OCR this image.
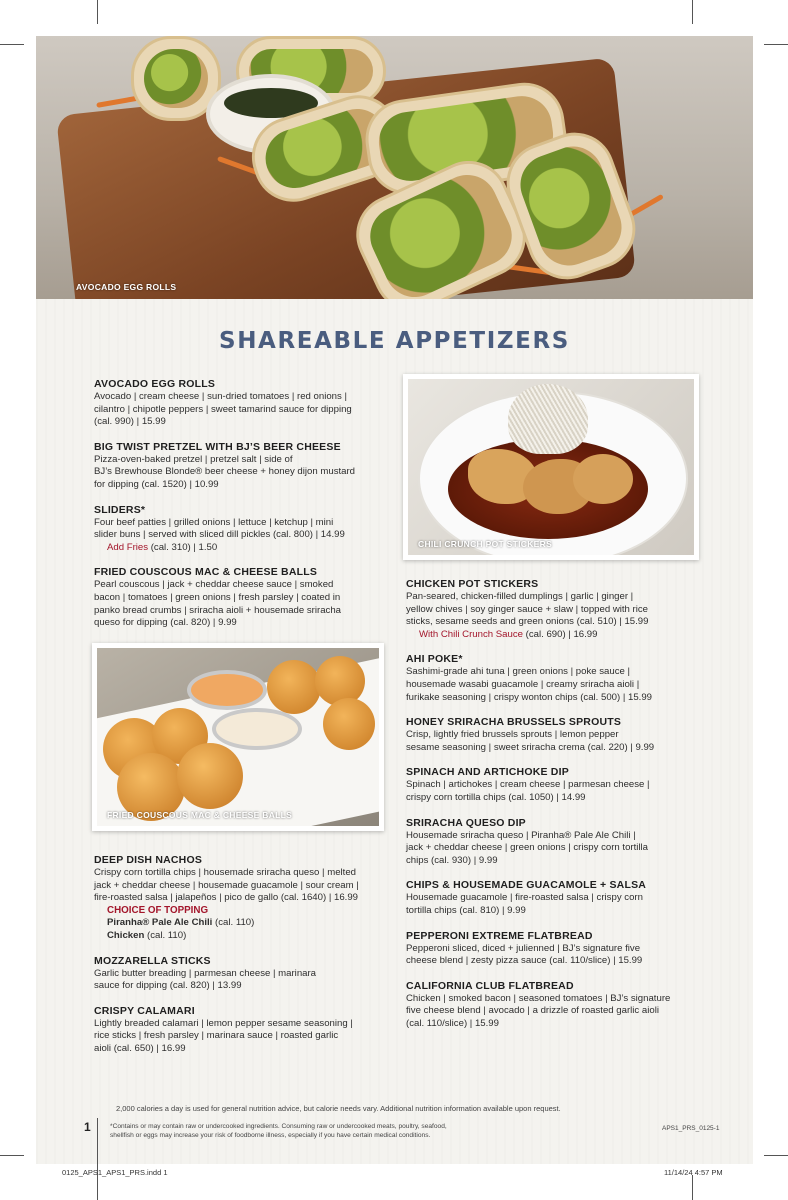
AVOCADO EGG ROLLS
SHAREABLE APPETIZERS
CHILI CRUNCH POT STICKERS
FRIED COUSCOUS MAC & CHEESE BALLS
AVOCADO EGG ROLLS

Avocado | cream cheese | sun-dried tomatoes | red onions |
cilantro | chipotle peppers | sweet tamarind sauce for dipping
(cal. 990) | 15.99

BIG TWIST PRETZEL WITH BJ’S BEER CHEESE

Pizza-oven-baked pretzel | pretzel salt | side of
BJ’s Brewhouse Blonde® beer cheese + honey dijon mustard
for dipping (cal. 1520) | 10.99

SLIDERS*

Four beef patties | grilled onions | lettuce | ketchup | mini
slider buns | served with sliced dill pickles (cal. 800) | 14.99
Add Fries (cal. 310) | 1.50

FRIED COUSCOUS MAC & CHEESE BALLS

Pearl couscous | jack + cheddar cheese sauce | smoked
bacon | tomatoes | green onions | fresh parsley | coated in
panko bread crumbs | sriracha aioli + housemade sriracha
queso for dipping (cal. 820) | 9.99

DEEP DISH NACHOS

Crispy corn tortilla chips | housemade sriracha queso | melted
jack + cheddar cheese | housemade guacamole | sour cream |
fire-roasted salsa | jalapeños | pico de gallo (cal. 1640) | 16.99

CHOICE OF TOPPING
Piranha® Pale Ale Chili (cal. 110)
Chicken (cal. 110)

MOZZARELLA STICKS

Garlic butter breading | parmesan cheese | marinara
sauce for dipping (cal. 820) | 13.99

CRISPY CALAMARI

Lightly breaded calamari | lemon pepper sesame seasoning |
rice sticks | fresh parsley | marinara sauce | roasted garlic
aioli (cal. 650) | 16.99

CHICKEN POT STICKERS

Pan-seared, chicken-filled dumplings | garlic | ginger |
yellow chives | soy ginger sauce + slaw | topped with rice
sticks, sesame seeds and green onions (cal. 510) | 15.99
With Chili Crunch Sauce (cal. 690) | 16.99

AHI POKE*

Sashimi-grade ahi tuna | green onions | poke sauce |
housemade wasabi guacamole | creamy sriracha aioli |
furikake seasoning | crispy wonton chips (cal. 500) | 15.99

HONEY SRIRACHA BRUSSELS SPROUTS

Crisp, lightly fried brussels sprouts | lemon pepper
sesame seasoning | sweet sriracha crema (cal. 220) | 9.99

SPINACH AND ARTICHOKE DIP

Spinach | artichokes | cream cheese | parmesan cheese |
crispy corn tortilla chips (cal. 1050) | 14.99

SRIRACHA QUESO DIP

Housemade sriracha queso | Piranha® Pale Ale Chili |
jack + cheddar cheese | green onions | crispy corn tortilla
chips (cal. 930) | 9.99

CHIPS & HOUSEMADE GUACAMOLE + SALSA

Housemade guacamole | fire-roasted salsa | crispy corn
tortilla chips (cal. 810) | 9.99

PEPPERONI EXTREME FLATBREAD

Pepperoni sliced, diced + julienned | BJ’s signature five
cheese blend | zesty pizza sauce (cal. 110/slice) | 15.99

CALIFORNIA CLUB FLATBREAD

Chicken | smoked bacon | seasoned tomatoes | BJ’s signature
five cheese blend | avocado | a drizzle of roasted garlic aioli
(cal. 110/slice) | 15.99

2,000 calories a day is used for general nutrition advice, but calorie needs vary. Additional nutrition information available upon request.
1	*Contains or may contain raw or undercooked ingredients. Consuming raw or undercooked meats, poultry, seafood,
shellfish or eggs may increase your risk of foodborne illness, especially if you have certain medical conditions.
APS1_PRS_0125-1
0125_APS1_APS1_PRS.indd 1	11/14/24 4:57 PM
